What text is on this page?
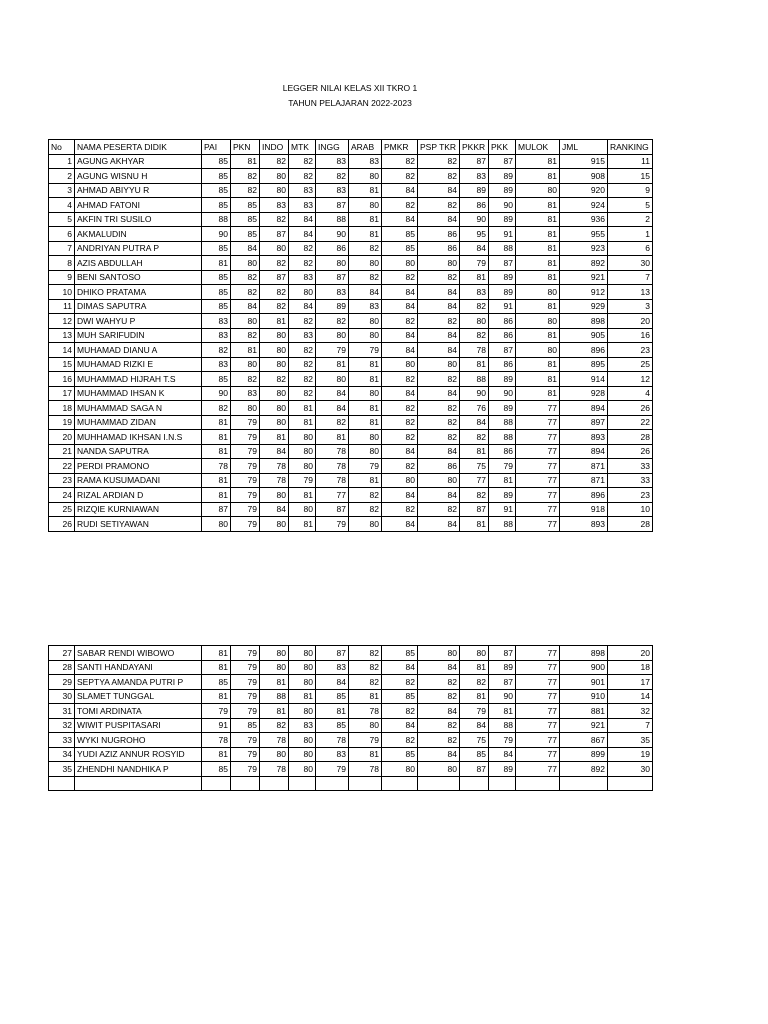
LEGGER NILAI KELAS XII TKRO 1
TAHUN PELAJARAN 2022-2023
No	NAMA PESERTA DIDIK	PAI	PKN	INDO	MTK	INGG	ARAB	PMKR	PSP TKR	PKKR	PKK	MULOK	JML	RANKING
1	AGUNG AKHYAR	85	81	82	82	83	83	82	82	87	87	81	915	11
2	AGUNG WISNU H	85	82	80	82	82	80	82	82	83	89	81	908	15
3	AHMAD ABIYYU R	85	82	80	83	83	81	84	84	89	89	80	920	9
4	AHMAD FATONI	85	85	83	83	87	80	82	82	86	90	81	924	5
5	AKFIN TRI SUSILO	88	85	82	84	88	81	84	84	90	89	81	936	2
6	AKMALUDIN	90	85	87	84	90	81	85	86	95	91	81	955	1
7	ANDRIYAN PUTRA P	85	84	80	82	86	82	85	86	84	88	81	923	6
8	AZIS ABDULLAH	81	80	82	82	80	80	80	80	79	87	81	892	30
9	BENI SANTOSO	85	82	87	83	87	82	82	82	81	89	81	921	7
10	DHIKO PRATAMA	85	82	82	80	83	84	84	84	83	89	80	912	13
11	DIMAS SAPUTRA	85	84	82	84	89	83	84	84	82	91	81	929	3
12	DWI WAHYU P	83	80	81	82	82	80	82	82	80	86	80	898	20
13	MUH SARIFUDIN	83	82	80	83	80	80	84	84	82	86	81	905	16
14	MUHAMAD DIANU A	82	81	80	82	79	79	84	84	78	87	80	896	23
15	MUHAMAD RIZKI E	83	80	80	82	81	81	80	80	81	86	81	895	25
16	MUHAMMAD HIJRAH T.S	85	82	82	82	80	81	82	82	88	89	81	914	12
17	MUHAMMAD IHSAN K	90	83	80	82	84	80	84	84	90	90	81	928	4
18	MUHAMMAD SAGA N	82	80	80	81	84	81	82	82	76	89	77	894	26
19	MUHAMMAD ZIDAN	81	79	80	81	82	81	82	82	84	88	77	897	22
20	MUHHAMAD IKHSAN I.N.S	81	79	81	80	81	80	82	82	82	88	77	893	28
21	NANDA SAPUTRA	81	79	84	80	78	80	84	84	81	86	77	894	26
22	PERDI PRAMONO	78	79	78	80	78	79	82	86	75	79	77	871	33
23	RAMA KUSUMADANI	81	79	78	79	78	81	80	80	77	81	77	871	33
24	RIZAL ARDIAN D	81	79	80	81	77	82	84	84	82	89	77	896	23
25	RIZQIE KURNIAWAN	87	79	84	80	87	82	82	82	87	91	77	918	10
26	RUDI SETIYAWAN	80	79	80	81	79	80	84	84	81	88	77	893	28
27	SABAR RENDI WIBOWO	81	79	80	80	87	82	85	80	80	87	77	898	20
28	SANTI HANDAYANI	81	79	80	80	83	82	84	84	81	89	77	900	18
29	SEPTYA AMANDA PUTRI P	85	79	81	80	84	82	82	82	82	87	77	901	17
30	SLAMET TUNGGAL	81	79	88	81	85	81	85	82	81	90	77	910	14
31	TOMI ARDINATA	79	79	81	80	81	78	82	84	79	81	77	881	32
32	WIWIT PUSPITASARI	91	85	82	83	85	80	84	82	84	88	77	921	7
33	WYKI NUGROHO	78	79	78	80	78	79	82	82	75	79	77	867	35
34	YUDI AZIZ ANNUR ROSYID	81	79	80	80	83	81	85	84	85	84	77	899	19
35	ZHENDHI NANDHIKA P	85	79	78	80	79	78	80	80	87	89	77	892	30
